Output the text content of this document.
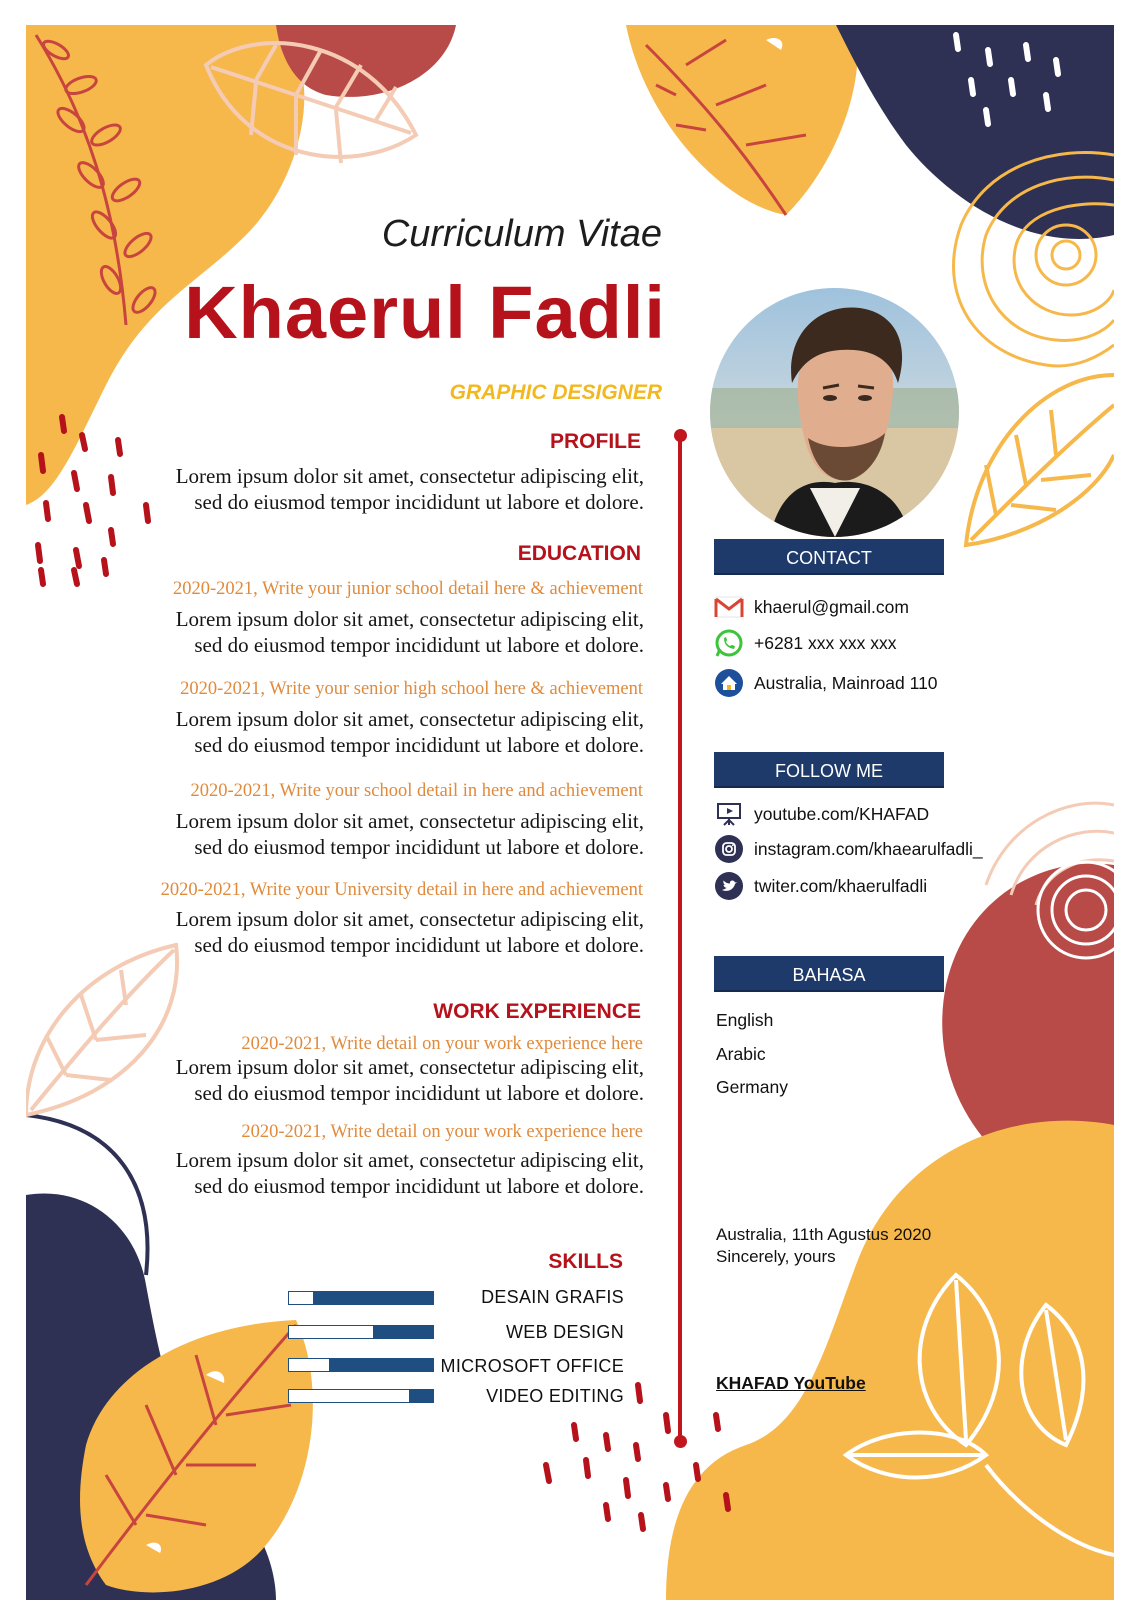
Curriculum Vitae
Khaerul Fadli
GRAPHIC DESIGNER
PROFILE
Lorem ipsum dolor sit amet, consectetur adipiscing elit,
sed do eiusmod tempor incididunt ut labore et dolore.
EDUCATION
2020-2021, Write your junior school detail here & achievement
Lorem ipsum dolor sit amet, consectetur adipiscing elit,
sed do eiusmod tempor incididunt ut labore et dolore.
2020-2021, Write your senior high school here & achievement
Lorem ipsum dolor sit amet, consectetur adipiscing elit,
sed do eiusmod tempor incididunt ut labore et dolore.
2020-2021, Write your school detail in here and achievement
Lorem ipsum dolor sit amet, consectetur adipiscing elit,
sed do eiusmod tempor incididunt ut labore et dolore.
2020-2021, Write your University detail in here and achievement
Lorem ipsum dolor sit amet, consectetur adipiscing elit,
sed do eiusmod tempor incididunt ut labore et dolore.
WORK EXPERIENCE
2020-2021, Write detail on your work experience here
Lorem ipsum dolor sit amet, consectetur adipiscing elit,
sed do eiusmod tempor incididunt ut labore et dolore.
2020-2021, Write detail on your work experience here
Lorem ipsum dolor sit amet, consectetur adipiscing elit,
sed do eiusmod tempor incididunt ut labore et dolore.
SKILLS
DESAIN GRAFIS
WEB DESIGN
MICROSOFT OFFICE
VIDEO EDITING
CONTACT
khaerul@gmail.com
+6281 xxx xxx xxx
Australia, Mainroad 110
FOLLOW ME
youtube.com/KHAFAD
instagram.com/khaearulfadli_
twiter.com/khaerulfadli
BAHASA
English
Arabic
Germany
Australia, 11th Agustus 2020
Sincerely, yours
KHAFAD YouTube
